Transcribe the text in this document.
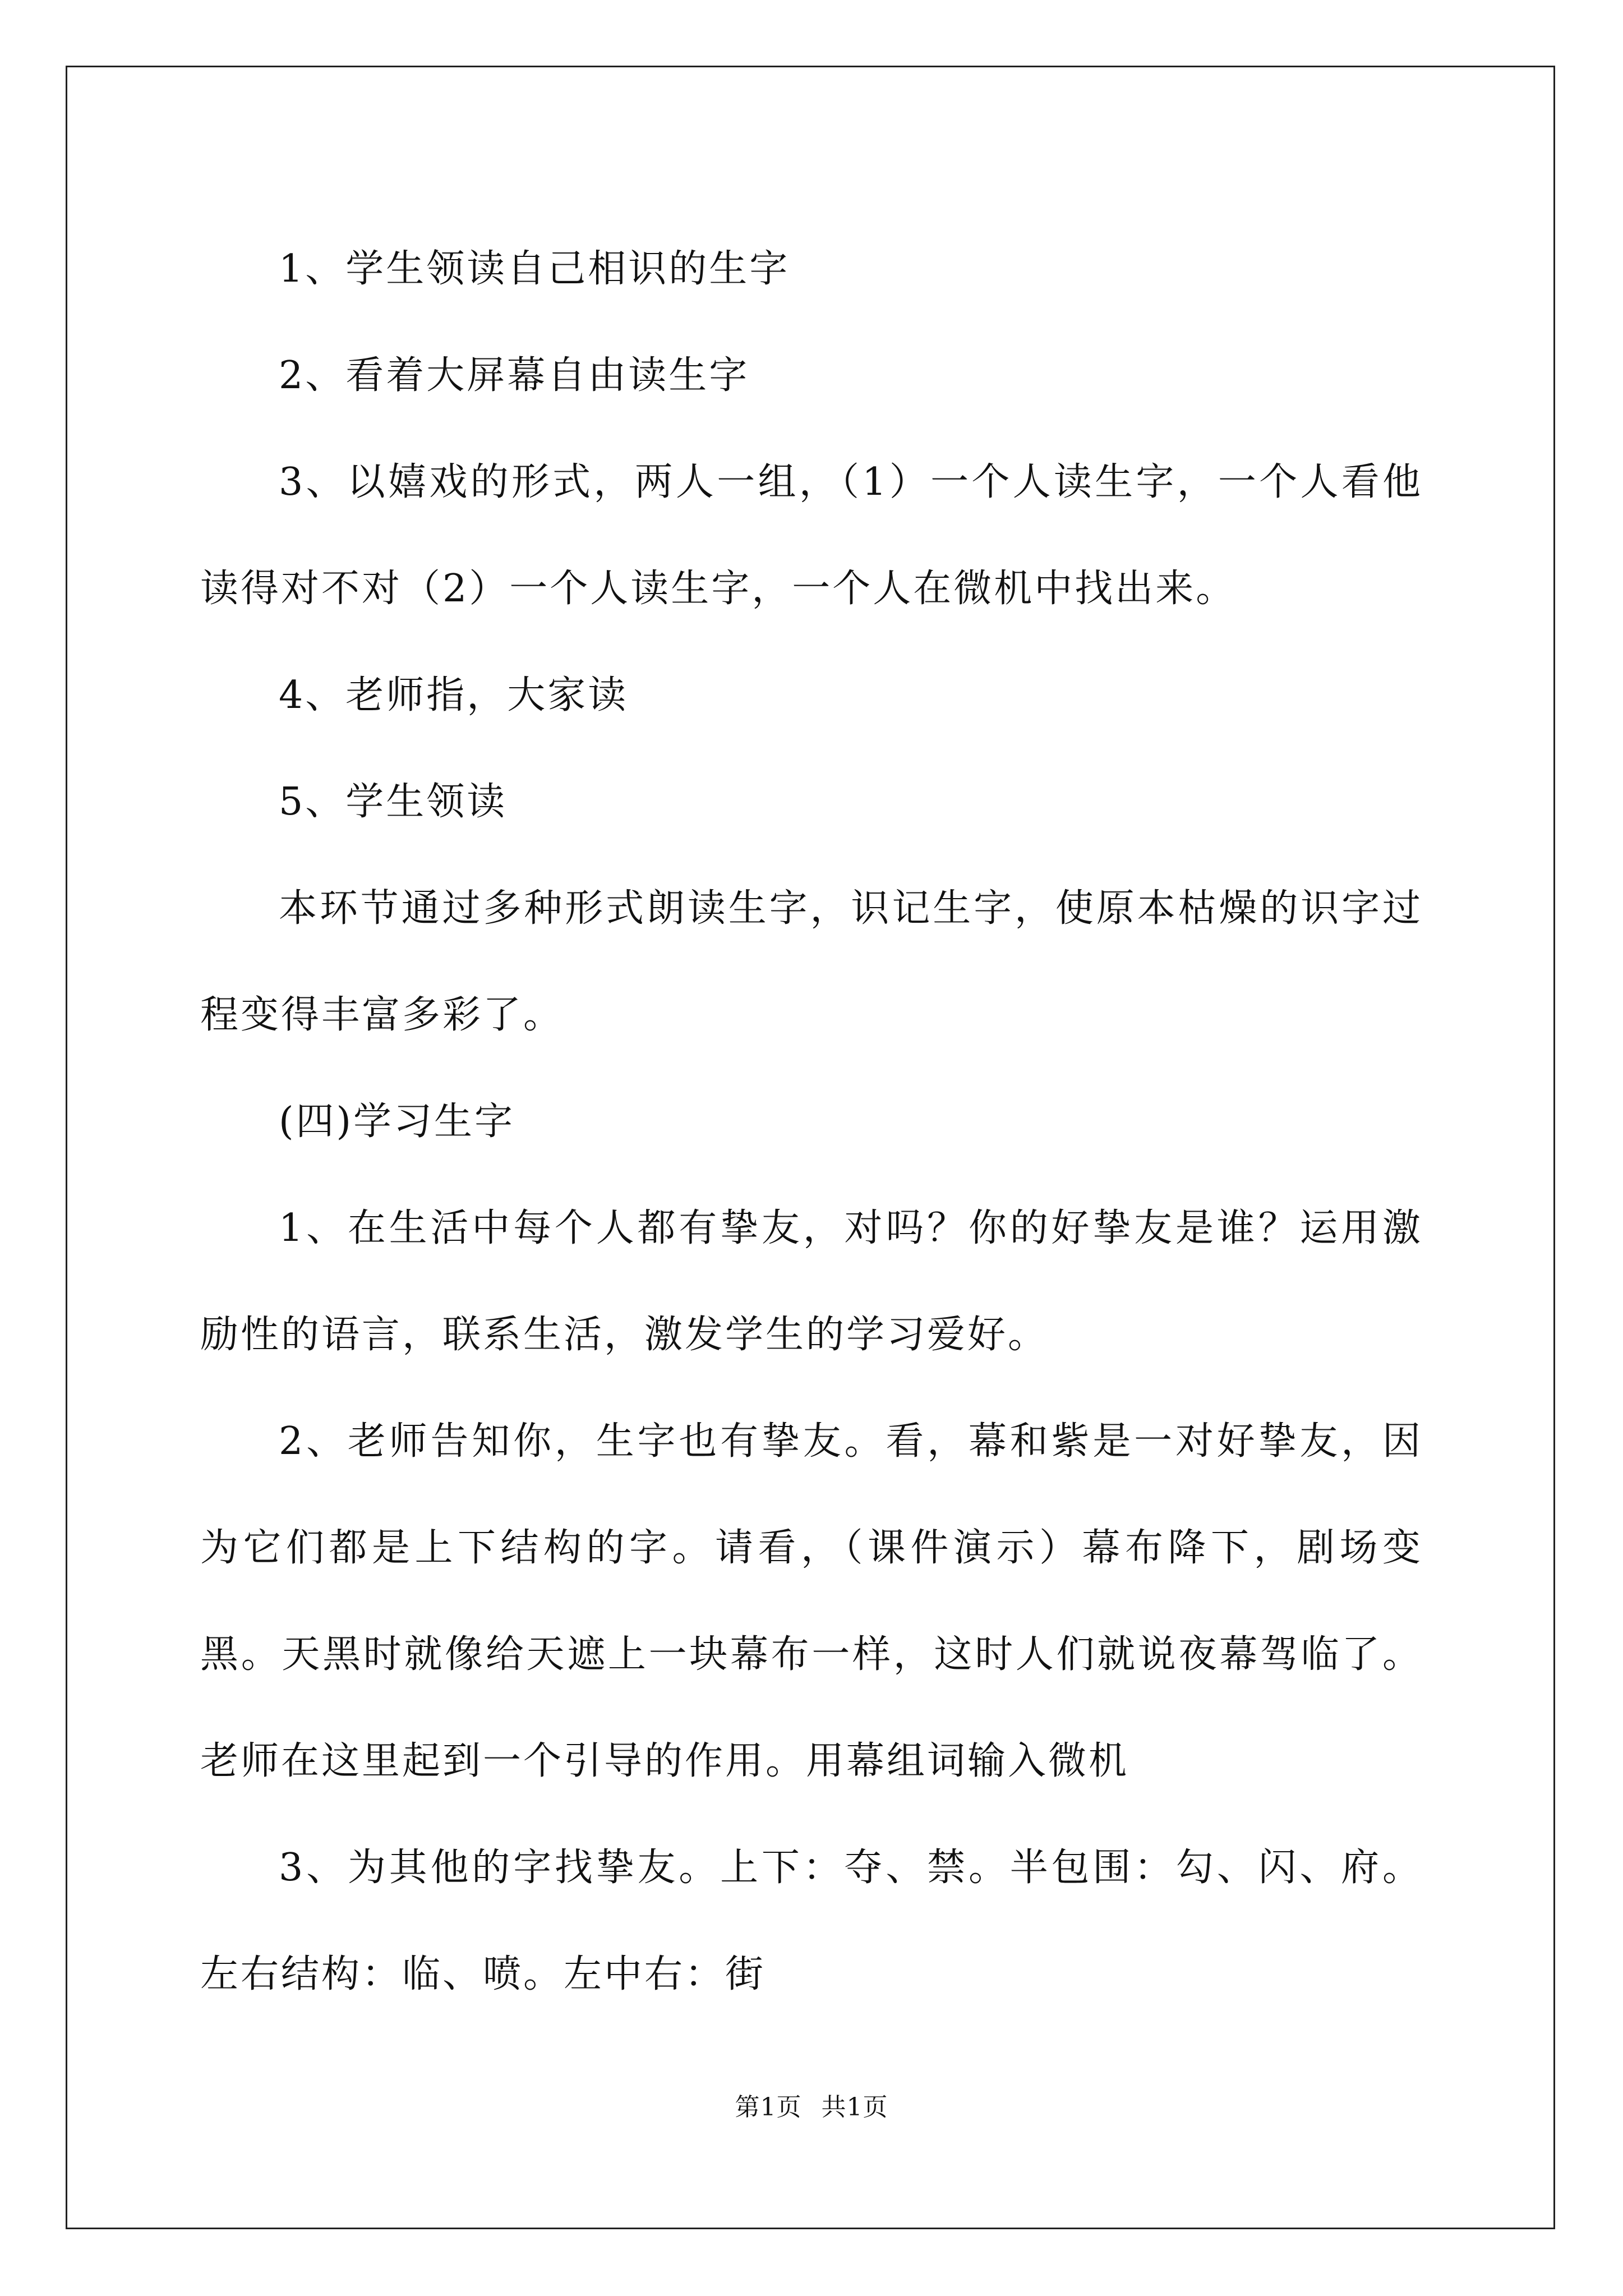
1、学生领读自己相识的生字

2、看着大屏幕自由读生字

3、以嬉戏的形式，两人一组，（1）一个人读生字，一个人看他读得对不对（2）一个人读生字，一个人在微机中找出来。

4、老师指，大家读

5、学生领读

本环节通过多种形式朗读生字，识记生字，使原本枯燥的识字过程变得丰富多彩了。

(四)学习生字

1、在生活中每个人都有挚友，对吗？你的好挚友是谁？运用激励性的语言，联系生活，激发学生的学习爱好。

2、老师告知你，生字也有挚友。看，幕和紫是一对好挚友，因为它们都是上下结构的字。请看，（课件演示）幕布降下，剧场变黑。天黑时就像给天遮上一块幕布一样，这时人们就说夜幕驾临了。老师在这里起到一个引导的作用。用幕组词输入微机

3、为其他的字找挚友。上下：夺、禁。半包围：勾、闪、府。左右结构：临、喷。左中右：街

第1页 共1页
